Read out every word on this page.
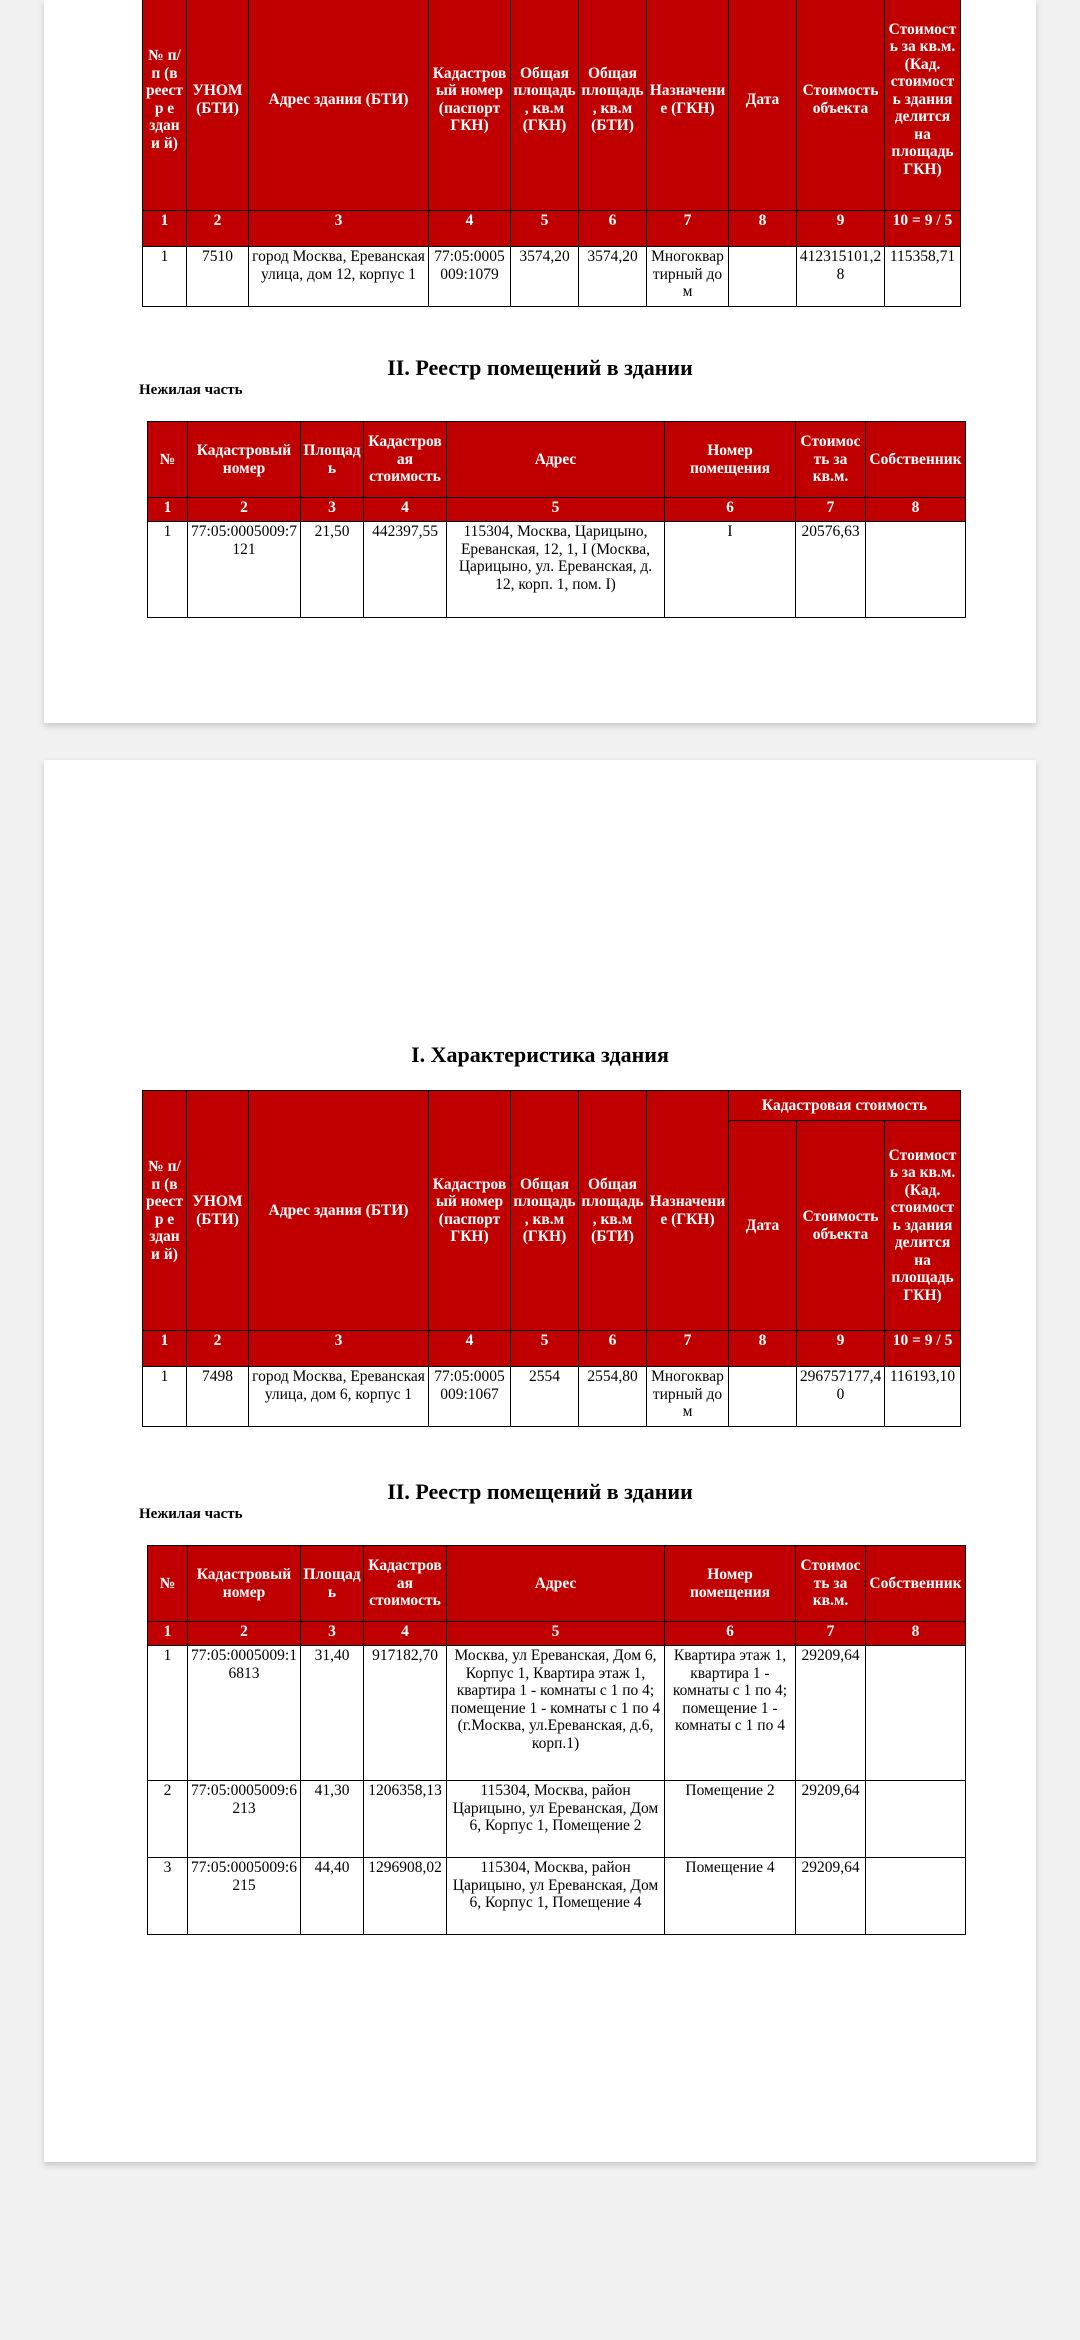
№ п/п (в реестр е здани й)	УНОМ (БТИ)	Адрес здания (БТИ)	Кадастровый номер (паспорт ГКН)	Общая площадь, кв.м (ГКН)	Общая площадь, кв.м (БТИ)	Назначение (ГКН)	Дата	Стоимость объекта	Стоимость за кв.м. (Кад. стоимость здания делится на площадь ГКН)
1	2	3	4	5	6	7	8	9	10 = 9 / 5
1	7510	город Москва, Ереванская улица, дом 12, корпус 1	77:05:0005009:1079	3574,20	3574,20	Многоквартирный дом		412315101,28	115358,71
II. Реестр помещений в здании

Нежилая часть

№	Кадастровый номер	Площадь	Кадастровая стоимость	Адрес	Номер помещения	Стоимость за кв.м.	Собственник
1	2	3	4	5	6	7	8
1	77:05:0005009:7121	21,50	442397,55	115304, Москва, Царицыно, Ереванская, 12, 1, I (Москва, Царицыно, ул. Ереванская, д. 12, корп. 1, пом. I)	I	20576,63	
I. Характеристика здания
№ п/п (в реестр е здани й)	УНОМ (БТИ)	Адрес здания (БТИ)	Кадастровый номер (паспорт ГКН)	Общая площадь, кв.м (ГКН)	Общая площадь, кв.м (БТИ)	Назначение (ГКН)	Кадастровая стоимость		
							Дата	Стоимость объекта	Стоимость за кв.м. (Кад. стоимость здания делится на площадь ГКН)
1	2	3	4	5	6	7	8	9	10 = 9 / 5
1	7498	город Москва, Ереванская улица, дом 6, корпус 1	77:05:0005009:1067	2554	2554,80	Многоквартирный дом		296757177,40	116193,10
II. Реестр помещений в здании

Нежилая часть

№	Кадастровый номер	Площадь	Кадастровая стоимость	Адрес	Номер помещения	Стоимость за кв.м.	Собственник
1	2	3	4	5	6	7	8
1	77:05:0005009:16813	31,40	917182,70	Москва, ул Ереванская, Дом 6, Корпус 1, Квартира этаж 1, квартира 1 - комнаты с 1 по 4; помещение 1 - комнаты с 1 по 4 (г.Москва, ул.Ереванская, д.6, корп.1)	Квартира этаж 1, квартира 1 - комнаты с 1 по 4; помещение 1 - комнаты с 1 по 4	29209,64	
2	77:05:0005009:6213	41,30	1206358,13	115304, Москва, район Царицыно, ул Ереванская, Дом 6, Корпус 1, Помещение 2	Помещение 2	29209,64	
3	77:05:0005009:6215	44,40	1296908,02	115304, Москва, район Царицыно, ул Ереванская, Дом 6, Корпус 1, Помещение 4	Помещение 4	29209,64	
